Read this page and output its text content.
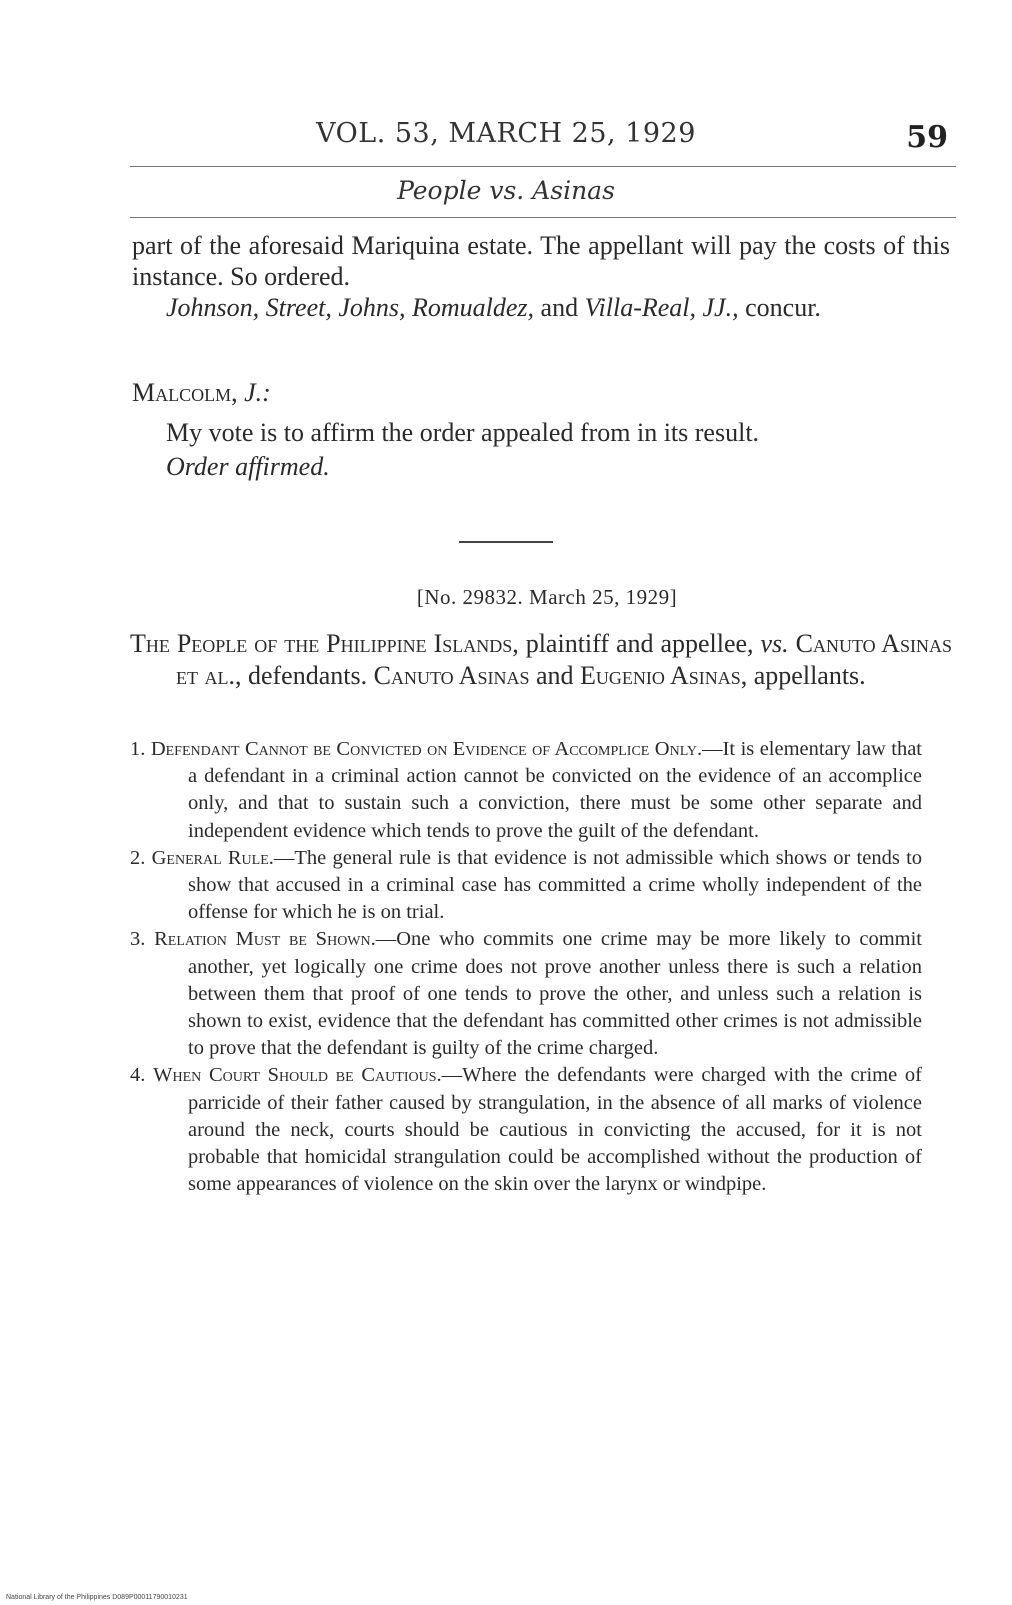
VOL. 53, MARCH 25, 1929	59
People vs. Asinas

part of the aforesaid Mariquina estate. The appellant will pay the costs of this instance. So ordered.

Johnson, Street, Johns, Romualdez, and Villa-Real, JJ., concur.

Malcolm, J.:

My vote is to affirm the order appealed from in its result.

Order affirmed.

[No. 29832. March 25, 1929]

The People of the Philippine Islands, plaintiff and appellee, vs. Canuto Asinas et al., defendants. Canuto Asinas and Eugenio Asinas, appellants.

1. Defendant Cannot be Convicted on Evidence of Accomplice Only.—It is elementary law that a defendant in a criminal action cannot be convicted on the evidence of an accomplice only, and that to sustain such a conviction, there must be some other separate and independent evidence which tends to prove the guilt of the defendant.

2. General Rule.—The general rule is that evidence is not admissible which shows or tends to show that accused in a criminal case has committed a crime wholly independent of the offense for which he is on trial.

3. Relation Must be Shown.—One who commits one crime may be more likely to commit another, yet logically one crime does not prove another unless there is such a relation between them that proof of one tends to prove the other, and unless such a relation is shown to exist, evidence that the defendant has committed other crimes is not admissible to prove that the defendant is guilty of the crime charged.

4. When Court Should be Cautious.—Where the defendants were charged with the crime of parricide of their father caused by strangulation, in the absence of all marks of violence around the neck, courts should be cautious in convicting the accused, for it is not probable that homicidal strangulation could be accomplished without the production of some appearances of violence on the skin over the larynx or windpipe.

National Library of the Philippines D089P00011790010231
